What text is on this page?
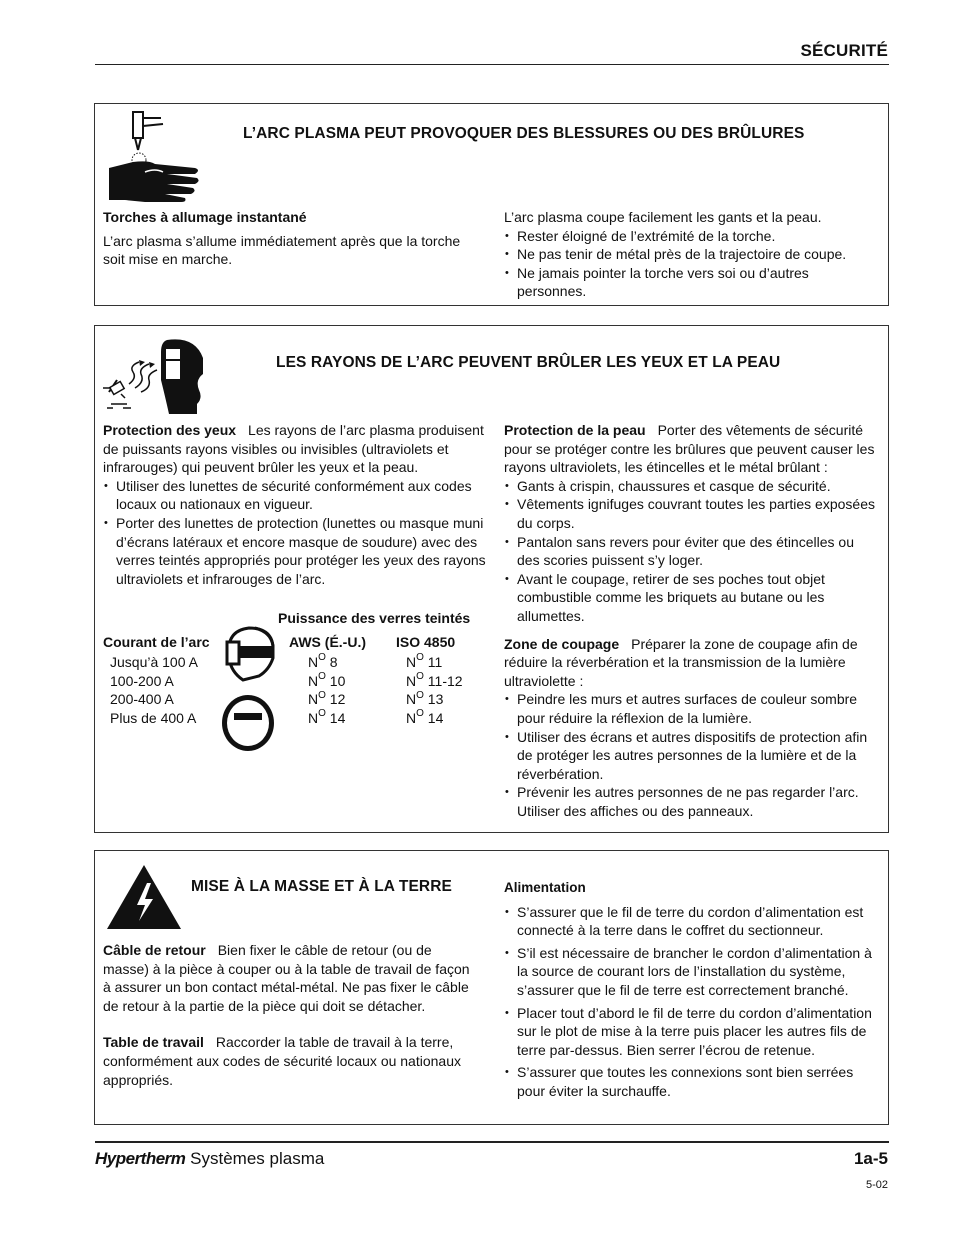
SÉCURITÉ
L’ARC PLASMA PEUT PROVOQUER DES BLESSURES OU DES BRÛLURES
Torches à allumage instantané
L’arc plasma s’allume immédiatement après que la torche soit mise en marche.
L’arc plasma coupe facilement les gants et la peau.
• Rester éloigné de l’extrémité de la torche.
• Ne pas tenir de métal près de la trajectoire de coupe.
• Ne jamais pointer la torche vers soi ou d’autres personnes.
LES RAYONS DE L’ARC PEUVENT BRÛLER LES YEUX ET LA PEAU
Protection des yeux Les rayons de l’arc plasma produisent de puissants rayons visibles ou invisibles (ultraviolets et infrarouges) qui peuvent brûler les yeux et la peau.
• Utiliser des lunettes de sécurité conformément aux codes locaux ou nationaux en vigueur.
• Porter des lunettes de protection (lunettes ou masque muni d’écrans latéraux et encore masque de soudure) avec des verres teintés appropriés pour protéger les yeux des rayons ultraviolets et infrarouges de l’arc.
Puissance des verres teintés
Courant de l’arc	AWS (É.-U.) ISO 4850
Jusqu’à 100 A
100-200 A
200-400 A
Plus de 400 A
$N^O$ 8
$N^O$ 10
$N^O$ 12
$N^O$ 14
$N^O$ 11
$N^O$ 11-12
$N^O$ 13
$N^O$ 14
Protection de la peau Porter des vêtements de sécurité pour se protéger contre les brûlures que peuvent causer les rayons ultraviolets, les étincelles et le métal brûlant :
• Gants à crispin, chaussures et casque de sécurité.
• Vêtements ignifuges couvrant toutes les parties exposées du corps.
• Pantalon sans revers pour éviter que des étincelles ou des scories puissent s’y loger.
• Avant le coupage, retirer de ses poches tout objet combustible comme les briquets au butane ou les allumettes.
Zone de coupage Préparer la zone de coupage afin de réduire la réverbération et la transmission de la lumière ultraviolette :
• Peindre les murs et autres surfaces de couleur sombre pour réduire la réflexion de la lumière.
• Utiliser des écrans et autres dispositifs de protection afin de protéger les autres personnes de la lumière et de la réverbération.
• Prévenir les autres personnes de ne pas regarder l’arc. Utiliser des affiches ou des panneaux.
MISE À LA MASSE ET À LA TERRE
Câble de retour Bien fixer le câble de retour (ou de masse) à la pièce à couper ou à la table de travail de façon à assurer un bon contact métal-métal. Ne pas fixer le câble de retour à la partie de la pièce qui doit se détacher.
Table de travail Raccorder la table de travail à la terre, conformément aux codes de sécurité locaux ou nationaux appropriés.
Alimentation
• S’assurer que le fil de terre du cordon d’alimentation est connecté à la terre dans le coffret du sectionneur.
• S’il est nécessaire de brancher le cordon d’alimentation à la source de courant lors de l’installation du système, s’assurer que le fil de terre est correctement branché.
• Placer tout d’abord le fil de terre du cordon d’alimentation sur le plot de mise à la terre puis placer les autres fils de terre par-dessus. Bien serrer l’écrou de retenue.
• S’assurer que toutes les connexions sont bien serrées pour éviter la surchauffe.
Hypertherm Systèmes plasma	1a-5
5-02
